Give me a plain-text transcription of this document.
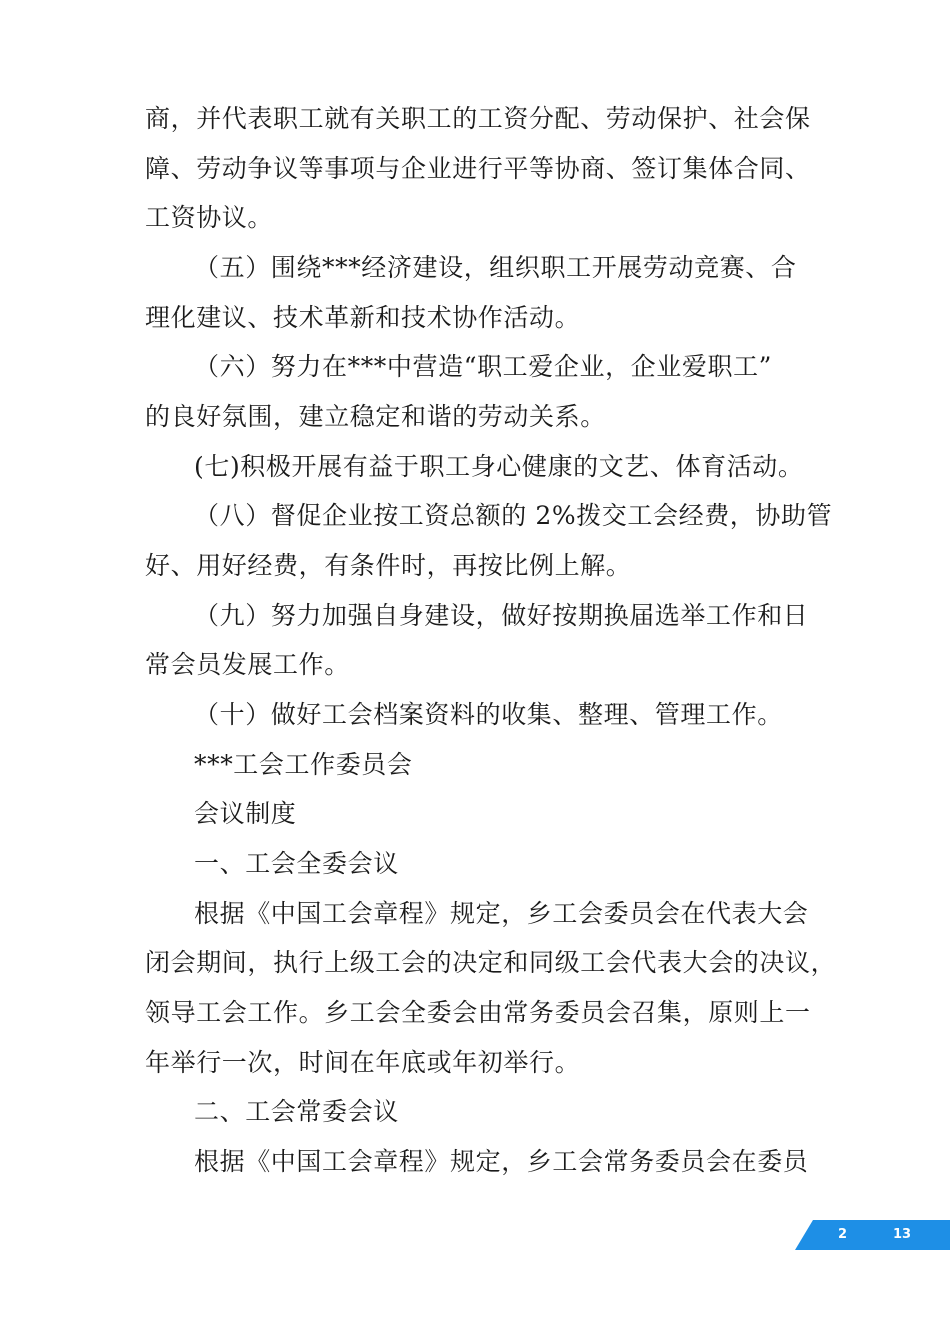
商，并代表职工就有关职工的工资分配、劳动保护、社会保
障、劳动争议等事项与企业进行平等协商、签订集体合同、
工资协议。
（五）围绕***经济建设，组织职工开展劳动竞赛、合
理化建议、技术革新和技术协作活动。
（六）努力在***中营造“职工爱企业，企业爱职工”
的良好氛围，建立稳定和谐的劳动关系。
(七)积极开展有益于职工身心健康的文艺、体育活动。
（八）督促企业按工资总额的 2%拨交工会经费，协助管
好、用好经费，有条件时，再按比例上解。
（九）努力加强自身建设，做好按期换届选举工作和日
常会员发展工作。
（十）做好工会档案资料的收集、整理、管理工作。
***工会工作委员会
会议制度
一、工会全委会议
根据《中国工会章程》规定，乡工会委员会在代表大会
闭会期间，执行上级工会的决定和同级工会代表大会的决议，
领导工会工作。乡工会全委会由常务委员会召集，原则上一
年举行一次，时间在年底或年初举行。
二、工会常委会议
根据《中国工会章程》规定，乡工会常务委员会在委员
2	13
